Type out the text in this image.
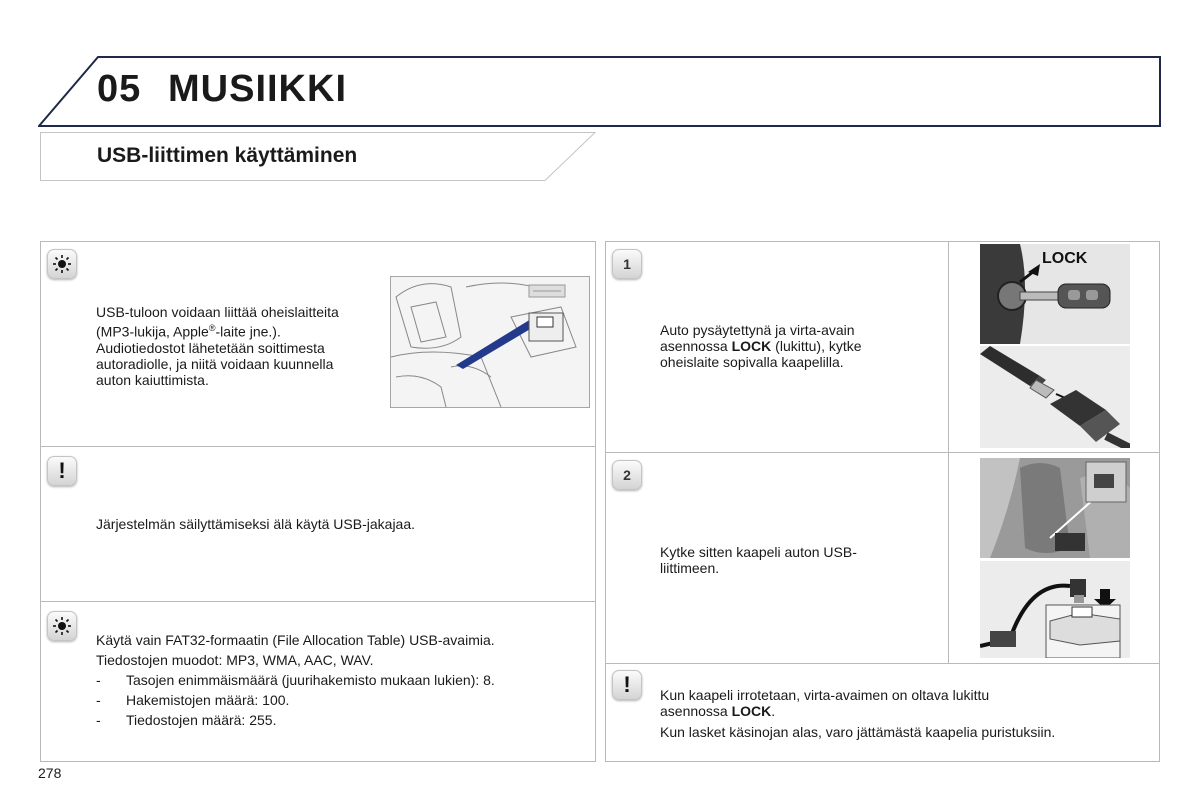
05 MUSIIKKI
USB-liittimen käyttäminen
USB-tuloon voidaan liittää oheislaitteita
(MP3-lukija, Apple®-laite jne.).
Audiotiedostot lähetetään soittimesta
autoradiolle, ja niitä voidaan kuunnella
auton kaiuttimista.
!
Järjestelmän säilyttämiseksi älä käytä USB-jakajaa.
Käytä vain FAT32-formaatin (File Allocation Table) USB-avaimia.
Tiedostojen muodot: MP3, WMA, AAC, WAV.
-	Tasojen enimmäismäärä (juurihakemisto mukaan lukien): 8.
-	Hakemistojen määrä: 100.
-	Tiedostojen määrä: 255.
1
Auto pysäytettynä ja virta-avain
asennossa LOCK (lukittu), kytke
oheislaite sopivalla kaapelilla.
LOCK
2
Kytke sitten kaapeli auton USB-
liittimeen.
! Kun kaapeli irrotetaan, virta-avaimen on oltava lukittu
asennossa LOCK.
Kun lasket käsinojan alas, varo jättämästä kaapelia puristuksiin.
278
